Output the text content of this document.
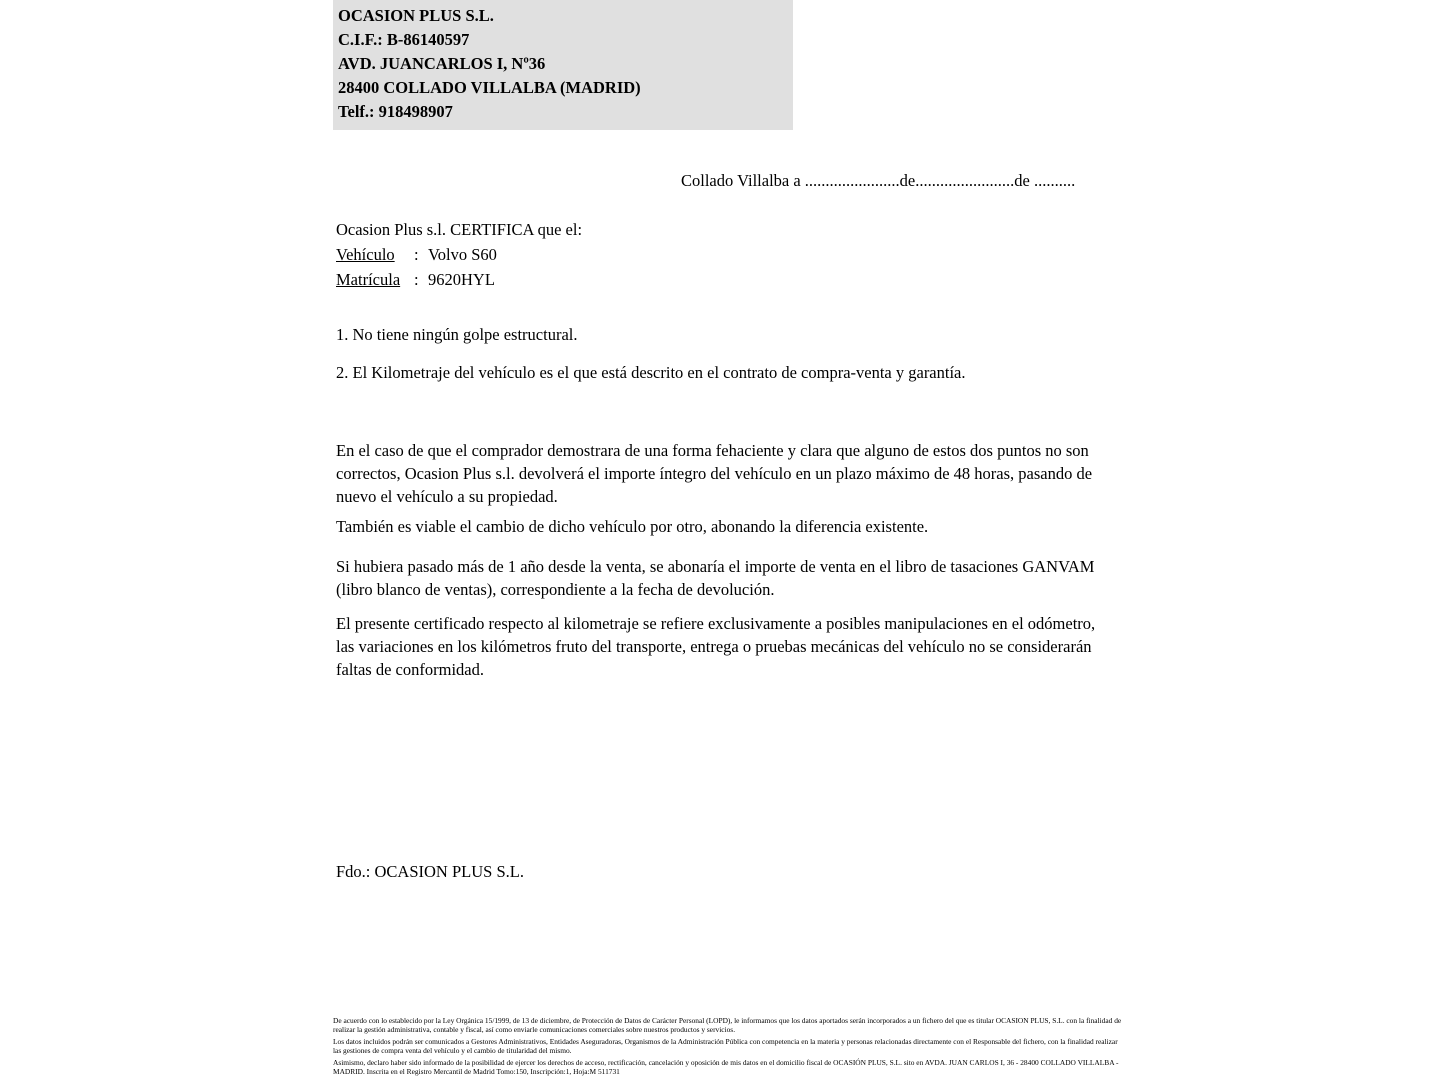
OCASION PLUS S.L.
C.I.F.: B-86140597
AVD. JUANCARLOS I, Nº36
28400 COLLADO VILLALBA (MADRID)
Telf.: 918498907
Collado Villalba a .......................de........................de ..........
Ocasion Plus s.l. CERTIFICA que el:
Vehículo : Volvo S60
Matrícula : 9620HYL
1. No tiene ningún golpe estructural.
2. El Kilometraje del vehículo es el que está descrito en el contrato de compra-venta y garantía.
En el caso de que el comprador demostrara de una forma fehaciente y clara que alguno de estos dos puntos no son correctos, Ocasion Plus s.l. devolverá el importe íntegro del vehículo en un plazo máximo de 48 horas, pasando de nuevo el vehículo a su propiedad.
También es viable el cambio de dicho vehículo por otro, abonando la diferencia existente.
Si hubiera pasado más de 1 año desde la venta, se abonaría el importe de venta en el libro de tasaciones GANVAM (libro blanco de ventas), correspondiente a la fecha de devolución.
El presente certificado respecto al kilometraje se refiere exclusivamente a posibles manipulaciones en el odómetro, las variaciones en los kilómetros fruto del transporte, entrega o pruebas mecánicas del vehículo no se considerarán faltas de conformidad.
Fdo.: OCASION PLUS S.L.

De acuerdo con lo establecido por la Ley Orgánica 15/1999, de 13 de diciembre, de Protección de Datos de Carácter Personal (LOPD), le informamos que los datos aportados serán incorporados a un fichero del que es titular OCASION PLUS, S.L. con la finalidad de realizar la gestión administrativa, contable y fiscal, así como enviarle comunicaciones comerciales sobre nuestros productos y servicios.

Los datos incluidos podrán ser comunicados a Gestores Administrativos, Entidades Aseguradoras, Organismos de la Administración Pública con competencia en la materia y personas relacionadas directamente con el Responsable del fichero, con la finalidad realizar las gestiones de compra venta del vehículo y el cambio de titularidad del mismo.

Asimismo, declaro haber sido informado de la posibilidad de ejercer los derechos de acceso, rectificación, cancelación y oposición de mis datos en el domicilio fiscal de OCASIÓN PLUS, S.L. sito en AVDA. JUAN CARLOS I, 36 - 28400 COLLADO VILLALBA - MADRID. Inscrita en el Registro Mercantil de Madrid Tomo:150, Inscripción:1, Hoja:M 511731
